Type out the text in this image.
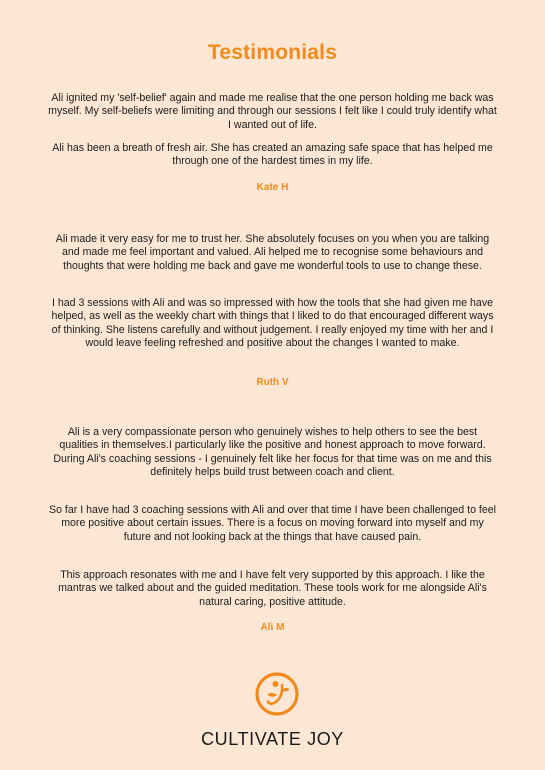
Testimonials
Ali ignited my 'self-belief' again and made me realise that the one person holding me back was myself. My self-beliefs were limiting and through our sessions I felt like I could truly identify what I wanted out of life.
Ali has been a breath of fresh air. She has created an amazing safe space that has helped me through one of the hardest times in my life.
Kate H
Ali made it very easy for me to trust her. She absolutely focuses on you when you are talking and made me feel important and valued. Ali helped me to recognise some behaviours and thoughts that were holding me back and gave me wonderful tools to use to change these.
I had 3 sessions with Ali and was so impressed with how the tools that she had given me have helped, as well as the weekly chart with things that I liked to do that encouraged different ways of thinking. She listens carefully and without judgement. I really enjoyed my time with her and I would leave feeling refreshed and positive about the changes I wanted to make.
Ruth V
Ali is a very compassionate person who genuinely wishes to help others to see the best qualities in themselves.I particularly like the positive and honest approach to move forward. During Ali's coaching sessions - I genuinely felt like her focus for that time was on me and this definitely helps build trust between coach and client.
So far I have had 3 coaching sessions with Ali and over that time I have been challenged to feel more positive about certain issues. There is a focus on moving forward into myself and my future and not looking back at the things that have caused pain.
This approach resonates with me and I have felt very supported by this approach. I like the mantras we talked about and the guided meditation. These tools work for me alongside Ali's natural caring, positive attitude.
Ali M
CULTIVATE JOY
